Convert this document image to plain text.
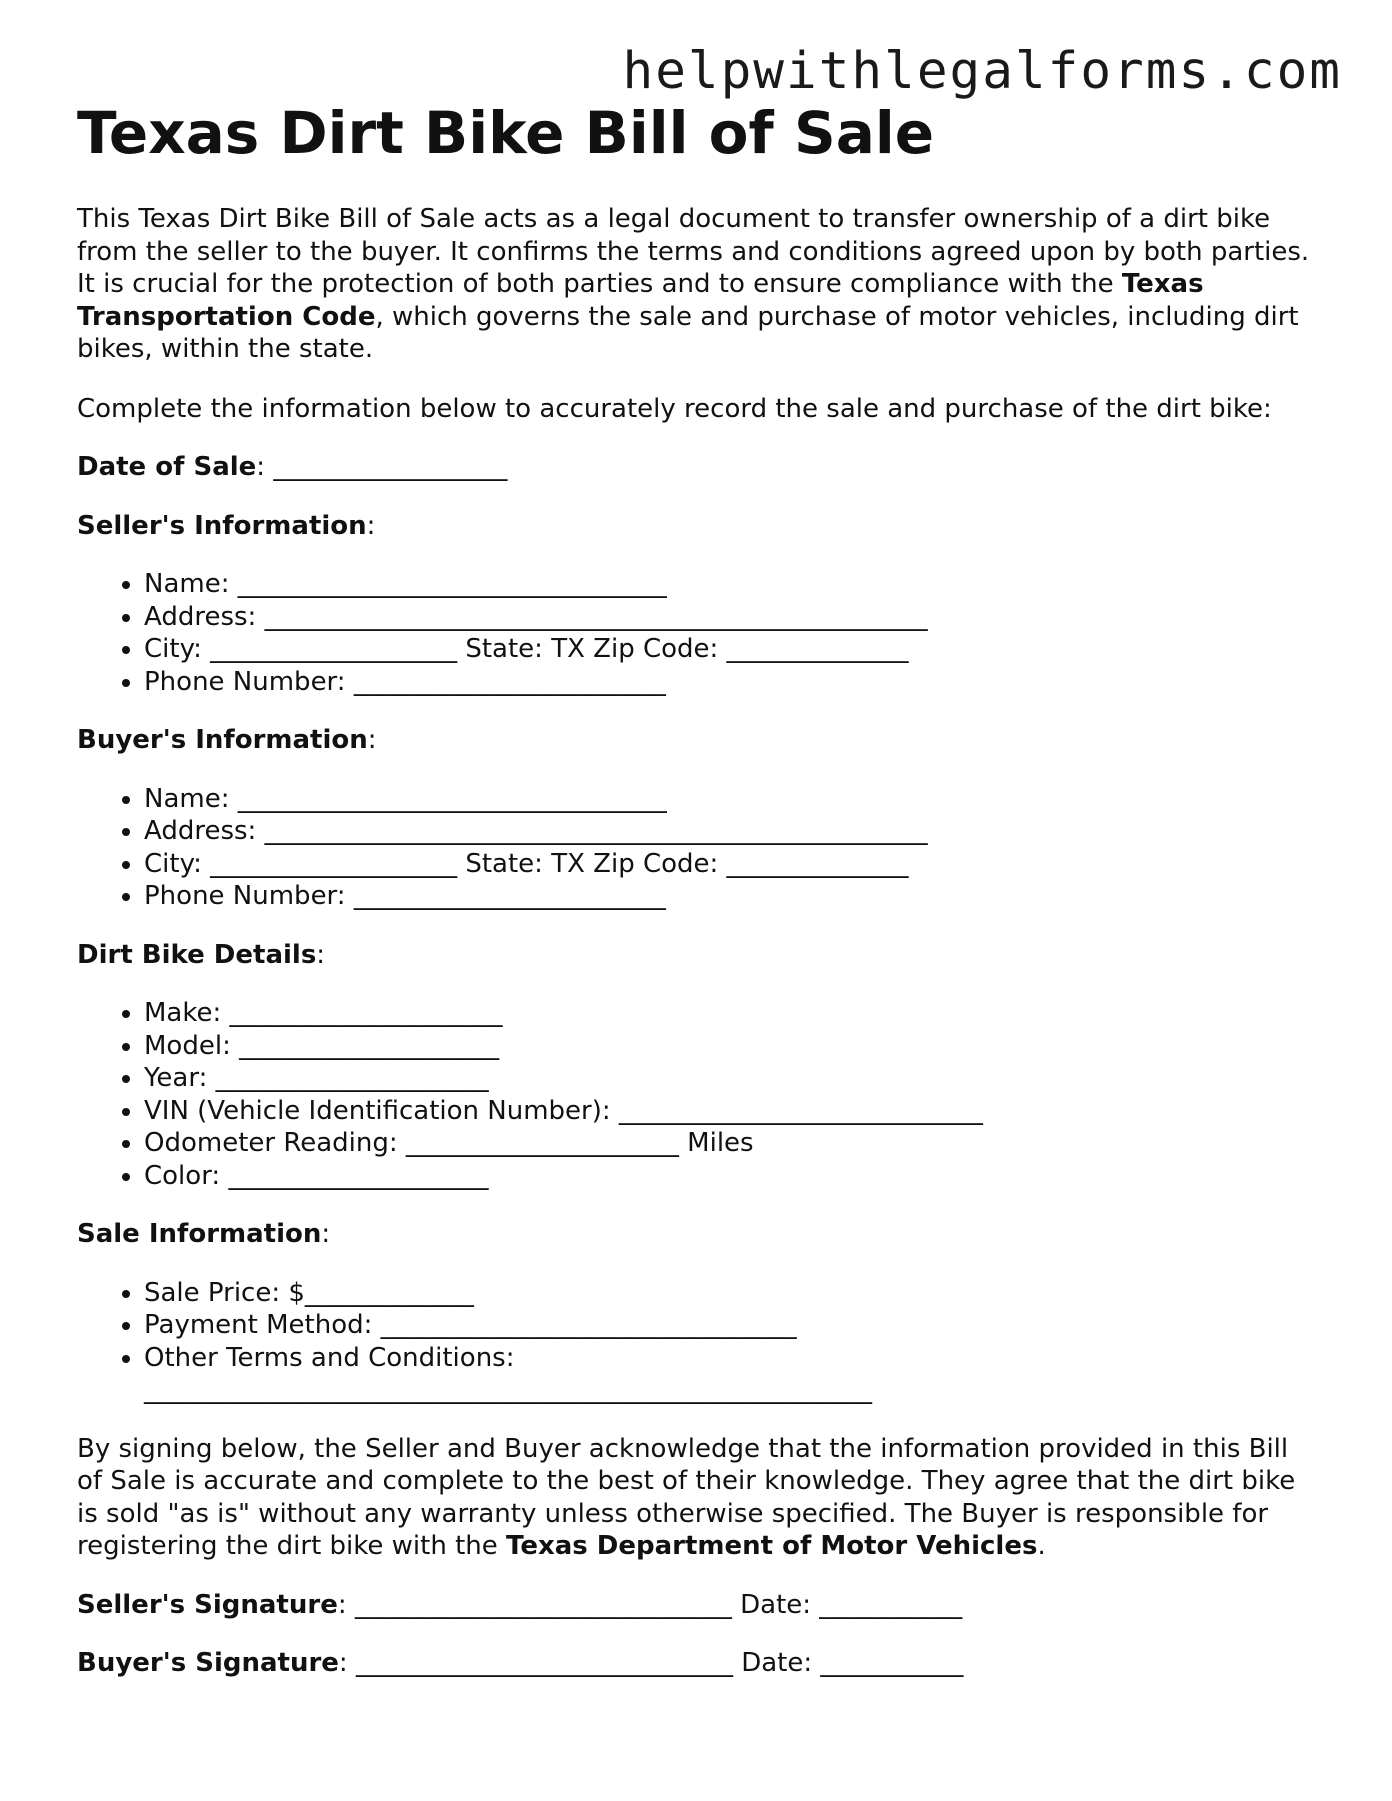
helpwithlegalforms.com
Texas Dirt Bike Bill of Sale

This Texas Dirt Bike Bill of Sale acts as a legal document to transfer ownership of a dirt bike from the seller to the buyer. It confirms the terms and conditions agreed upon by both parties. It is crucial for the protection of both parties and to ensure compliance with the Texas Transportation Code, which governs the sale and purchase of motor vehicles, including dirt bikes, within the state.

Complete the information below to accurately record the sale and purchase of the dirt bike:

Date of Sale: __________________

Seller's Information:

• Name: _________________________________
• Address: ___________________________________________________
• City: ___________________ State: TX Zip Code: ______________
• Phone Number: ________________________

Buyer's Information:

• Name: _________________________________
• Address: ___________________________________________________
• City: ___________________ State: TX Zip Code: ______________
• Phone Number: ________________________

Dirt Bike Details:

• Make: _____________________
• Model: ____________________
• Year: _____________________
• VIN (Vehicle Identification Number): ____________________________
• Odometer Reading: _____________________ Miles
• Color: ____________________

Sale Information:

• Sale Price: $_____________
• Payment Method: ________________________________
• Other Terms and Conditions: ________________________________________________________

By signing below, the Seller and Buyer acknowledge that the information provided in this Bill of Sale is accurate and complete to the best of their knowledge. They agree that the dirt bike is sold "as is" without any warranty unless otherwise specified. The Buyer is responsible for registering the dirt bike with the Texas Department of Motor Vehicles.

Seller's Signature: _____________________________ Date: ___________

Buyer's Signature: _____________________________ Date: ___________
